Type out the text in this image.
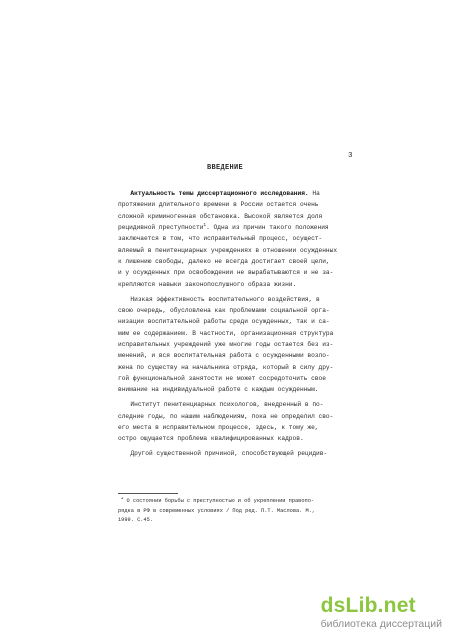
3
ВВЕДЕНИЕ
  Актуальность темы диссертационного исследования. На
протяжении длительного времени в России остается очень
сложной криминогенная обстановка. Высокой является доля
рецидивной преступности$^1$. Одна из причин такого положения
заключается в том, что исправительный процесс, осущест-
вляемый в пенитенциарных учреждениях в отношении осужденных
к лишению свободы, далеко не всегда достигает своей цели,
и у осужденных при освобождении не вырабатываются и не за-
крепляются навыки законопослушного образа жизни.
  Низкая эффективность воспитательного воздействия, в
свою очередь, обусловлена как проблемами социальной орга-
низации воспитательной работы среди осужденных, так и са-
мим ее содержанием. В частности, организационная структура
исправительных учреждений уже многие годы остается без из-
менений, и вся воспитательная работа с осужденными возло-
жена по существу на начальника отряда, который в силу дру-
гой функциональной занятости не может сосредоточить свое
внимание на индивидуальной работе с каждым осужденным.
  Институт пенитенциарных психологов, внедренный в по-
следние годы, по нашим наблюдениям, пока не определил сво-
его места в исправительном процессе, здесь, к тому же,
остро ощущается проблема квалифицированных кадров.
  Другой существенной причиной, способствующей рецидив-
 $^1$ О состоянии борьбы с преступностью и об укреплении правопо-
рядка в РФ в современных условиях / Под ред. П.Т. Маслова. М.,
1999. С.45.
dsLib.net
библиотека диссертаций
